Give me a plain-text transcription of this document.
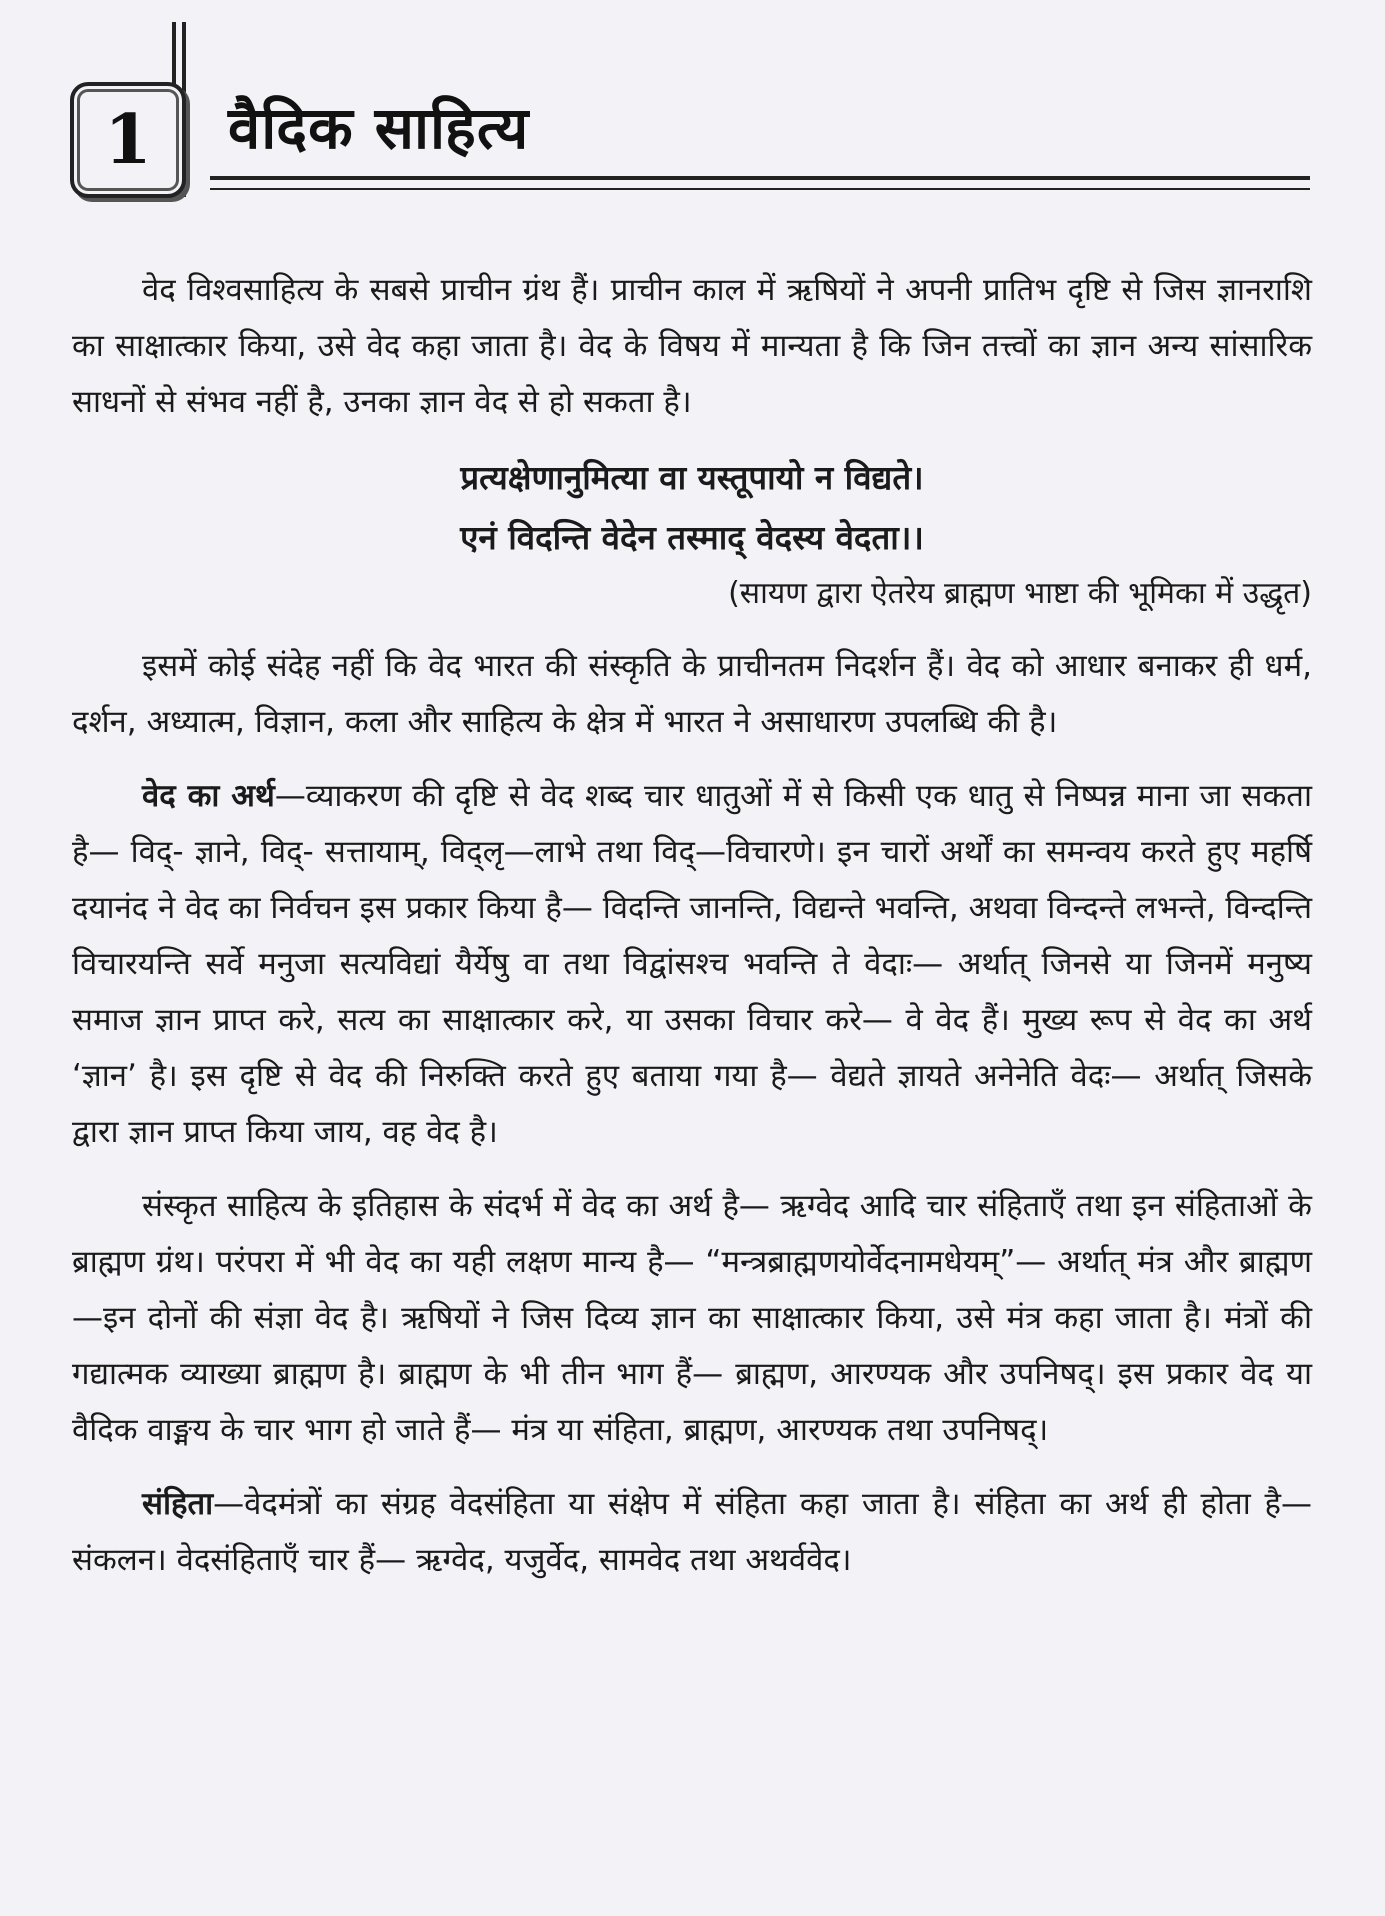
1 वैदिक साहित्य

वेद विश्वसाहित्य के सबसे प्राचीन ग्रंथ हैं। प्राचीन काल में ऋषियों ने अपनी प्रातिभ दृष्टि से जिस ज्ञानराशि का साक्षात्कार किया, उसे वेद कहा जाता है। वेद के विषय में मान्यता है कि जिन तत्त्वों का ज्ञान अन्य सांसारिक साधनों से संभव नहीं है, उनका ज्ञान वेद से हो सकता है।

प्रत्यक्षेणानुमित्या वा यस्तूपायो न विद्यते।
एनं विदन्ति वेदेन तस्माद् वेदस्य वेदता।।
(सायण द्वारा ऐतरेय ब्राह्मण भाष्टा की भूमिका में उद्धृत)

इसमें कोई संदेह नहीं कि वेद भारत की संस्कृति के प्राचीनतम निदर्शन हैं। वेद को आधार बनाकर ही धर्म, दर्शन, अध्यात्म, विज्ञान, कला और साहित्य के क्षेत्र में भारत ने असाधारण उपलब्धि की है।

वेद का अर्थ—व्याकरण की दृष्टि से वेद शब्द चार धातुओं में से किसी एक धातु से निष्पन्न माना जा सकता है— विद्- ज्ञाने, विद्- सत्तायाम्, विद्लृ—लाभे तथा विद्—विचारणे। इन चारों अर्थों का समन्वय करते हुए महर्षि दयानंद ने वेद का निर्वचन इस प्रकार किया है— विदन्ति जानन्ति, विद्यन्ते भवन्ति, अथवा विन्दन्ते लभन्ते, विन्दन्ति विचारयन्ति सर्वे मनुजा सत्यविद्यां यैर्येषु वा तथा विद्वांसश्च भवन्ति ते वेदाः— अर्थात् जिनसे या जिनमें मनुष्य समाज ज्ञान प्राप्त करे, सत्य का साक्षात्कार करे, या उसका विचार करे— वे वेद हैं। मुख्य रूप से वेद का अर्थ ‘ज्ञान’ है। इस दृष्टि से वेद की निरुक्ति करते हुए बताया गया है— वेद्यते ज्ञायते अनेनेति वेदः— अर्थात् जिसके द्वारा ज्ञान प्राप्त किया जाय, वह वेद है।

संस्कृत साहित्य के इतिहास के संदर्भ में वेद का अर्थ है— ऋग्वेद आदि चार संहिताएँ तथा इन संहिताओं के ब्राह्मण ग्रंथ। परंपरा में भी वेद का यही लक्षण मान्य है— “मन्त्रब्राह्मणयोर्वेदनामधेयम्”— अर्थात् मंत्र और ब्राह्मण—इन दोनों की संज्ञा वेद है। ऋषियों ने जिस दिव्य ज्ञान का साक्षात्कार किया, उसे मंत्र कहा जाता है। मंत्रों की गद्यात्मक व्याख्या ब्राह्मण है। ब्राह्मण के भी तीन भाग हैं— ब्राह्मण, आरण्यक और उपनिषद्। इस प्रकार वेद या वैदिक वाङ्मय के चार भाग हो जाते हैं— मंत्र या संहिता, ब्राह्मण, आरण्यक तथा उपनिषद्।

संहिता—वेदमंत्रों का संग्रह वेदसंहिता या संक्षेप में संहिता कहा जाता है। संहिता का अर्थ ही होता है—संकलन। वेदसंहिताएँ चार हैं— ऋग्वेद, यजुर्वेद, सामवेद तथा अथर्ववेद।
